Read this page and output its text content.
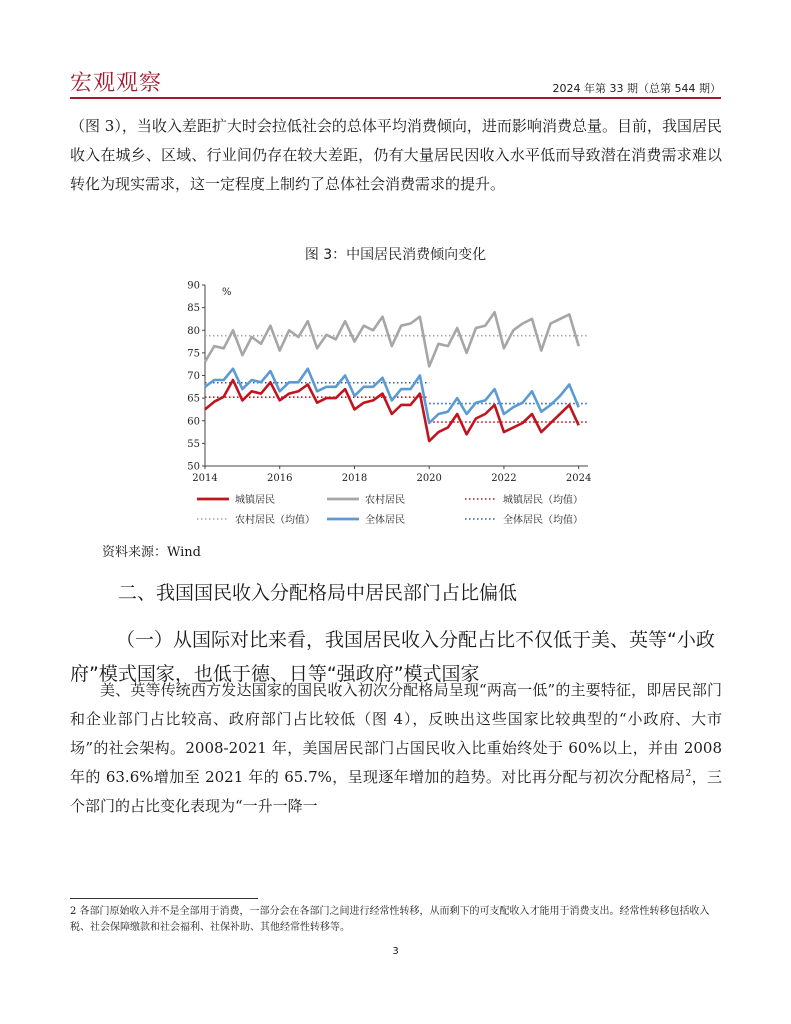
宏观观察	2024 年第 33 期（总第 544 期）

（图 3），当收入差距扩大时会拉低社会的总体平均消费倾向，进而影响消费总量。目前，我国居民收入在城乡、区域、行业间仍存在较大差距，仍有大量居民因收入水平低而导致潜在消费需求难以转化为现实需求，这一定程度上制约了总体社会消费需求的提升。

图 3：中国居民消费倾向变化
50
55
60
65
70
75
80
85
90
2014	2016	2018	2020	2022	2024
%
城镇居民	农村居民	城镇居民（均值）
农村居民（均值）	全体居民	全体居民（均值）
资料来源：Wind
二、我国国民收入分配格局中居民部门占比偏低

（一）从国际对比来看，我国居民收入分配占比不仅低于美、英等“小政府”模式国家，也低于德、日等“强政府”模式国家

美、英等传统西方发达国家的国民收入初次分配格局呈现“两高一低”的主要特征，即居民部门和企业部门占比较高、政府部门占比较低（图 4），反映出这些国家比较典型的“小政府、大市场”的社会架构。2008-2021 年，美国居民部门占国民收入比重始终处于 60%以上，并由 2008 年的 63.6%增加至 2021 年的 65.7%，呈现逐年增加的趋势。对比再分配与初次分配格局$^2$，三个部门的占比变化表现为“一升一降一

2 各部门原始收入并不是全部用于消费，一部分会在各部门之间进行经常性转移，从而剩下的可支配收入才能用于消费支出。经常性转移包括收入税、社会保障缴款和社会福利、社保补助、其他经常性转移等。

3
